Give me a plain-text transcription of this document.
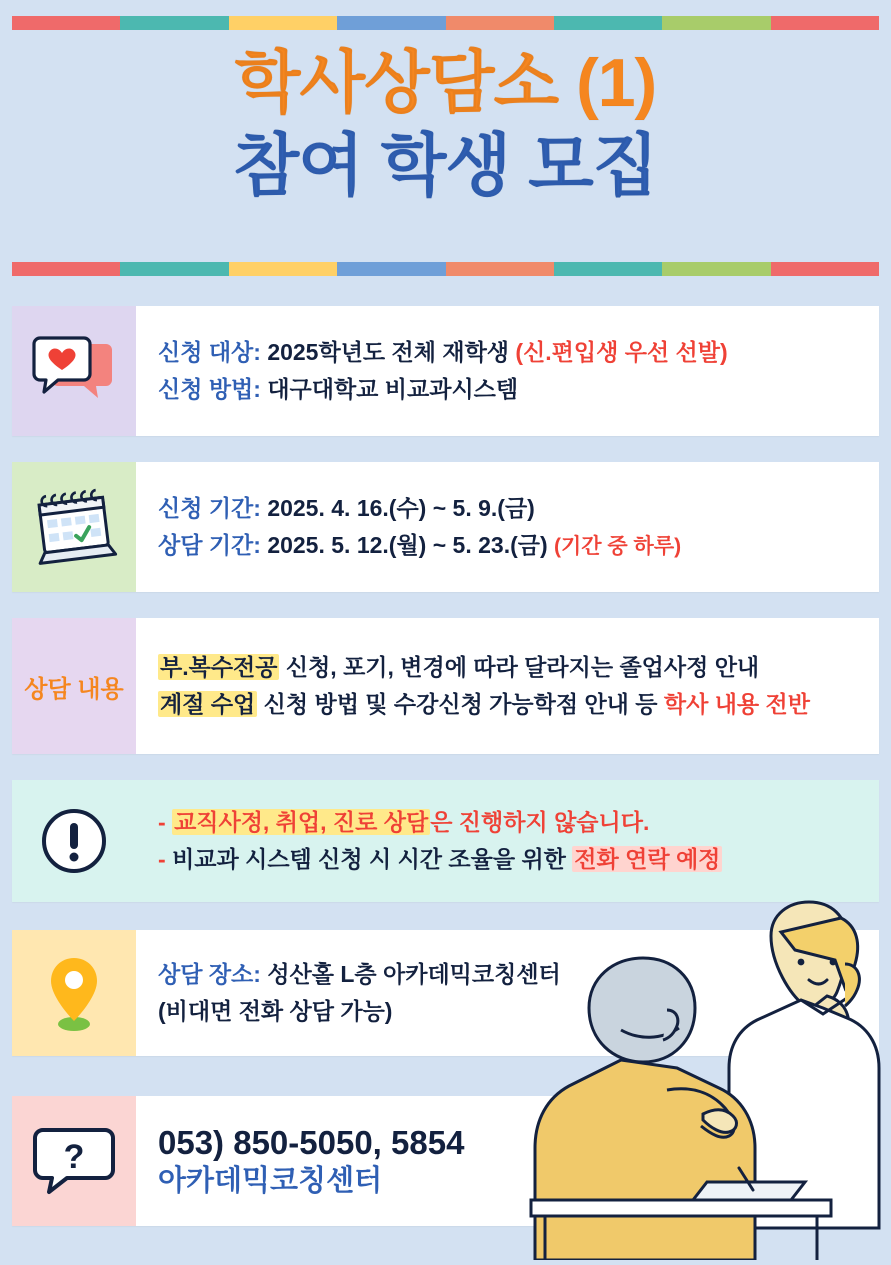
학사상담소 (1)
참여 학생 모집
신청 대상: 2025학년도 전체 재학생 (신.편입생 우선 선발)
신청 방법: 대구대학교 비교과시스템
신청 기간: 2025. 4. 16.(수) ~ 5. 9.(금)
상담 기간: 2025. 5. 12.(월) ~ 5. 23.(금) (기간 중 하루)
상담 내용
부.복수전공 신청, 포기, 변경에 따라 달라지는 졸업사정 안내
계절 수업 신청 방법 및 수강신청 가능학점 안내 등 학사 내용 전반
- 교직사정, 취업, 진로 상담은 진행하지 않습니다.
- 비교과 시스템 신청 시 시간 조율을 위한 전화 연락 예정
상담 장소: 성산홀 L층 아카데믹코칭센터
(비대면 전화 상담 가능)
? 053) 850-5050, 5854
아카데믹코칭센터
